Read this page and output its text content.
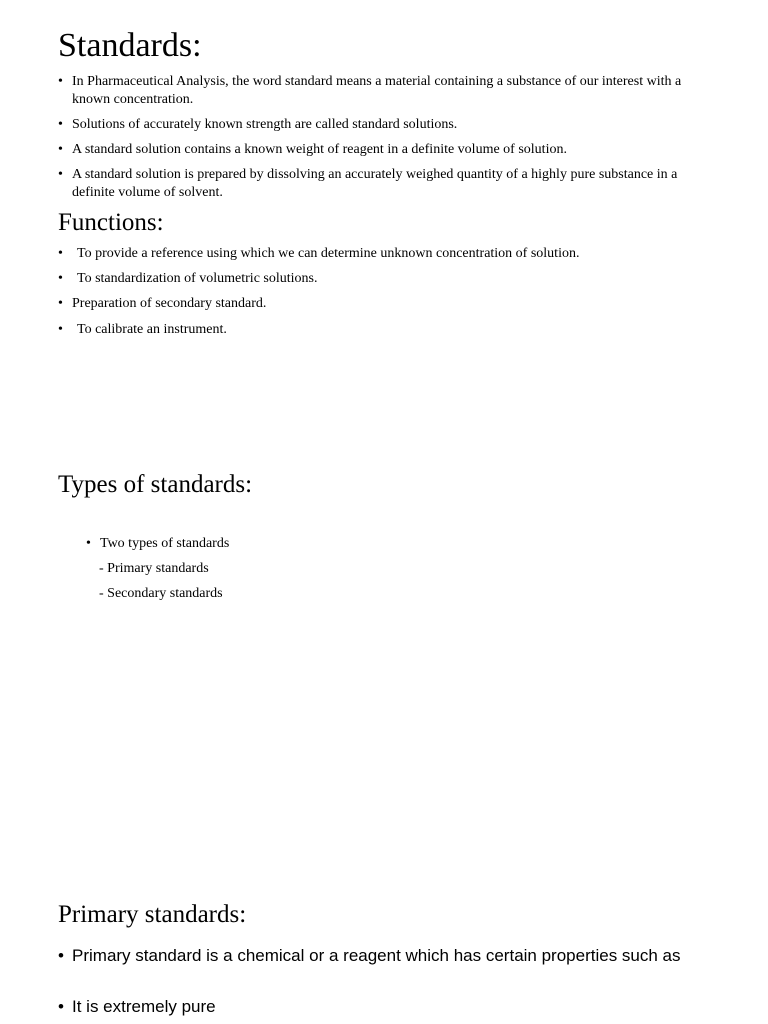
Standards:
• In Pharmaceutical Analysis, the word standard means a material containing a substance of our interest with a known concentration.
• Solutions of accurately known strength are called standard solutions.
• A standard solution contains a known weight of reagent in a definite volume of solution.
• A standard solution is prepared by dissolving an accurately weighed quantity of a highly pure substance in a definite volume of solvent.
Functions:
• To provide a reference using which we can determine unknown concentration of solution.
• To standardization of volumetric solutions.
• Preparation of secondary standard.
• To calibrate an instrument.
Types of standards:
• Two types of standards
- Primary standards
- Secondary standards
Primary standards:
• Primary standard is a chemical or a reagent which has certain properties such as
• It is extremely pure
